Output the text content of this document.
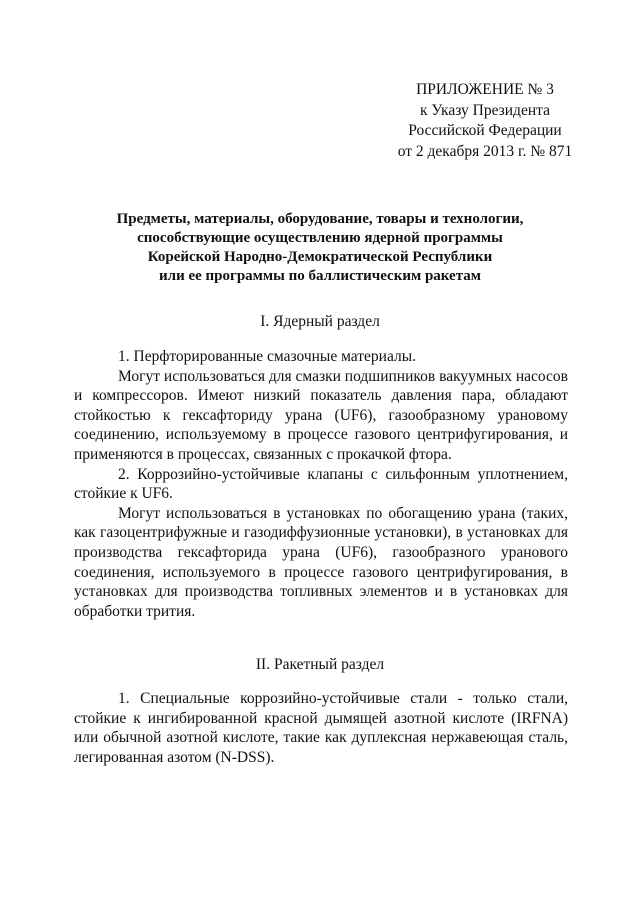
ПРИЛОЖЕНИЕ № 3
к Указу Президента
Российской Федерации
от 2 декабря 2013 г. № 871
Предметы, материалы, оборудование, товары и технологии,
способствующие осуществлению ядерной программы
Корейской Народно-Демократической Республики
или ее программы по баллистическим ракетам
I. Ядерный раздел

1. Перфторированные смазочные материалы.

Могут использоваться для смазки подшипников вакуумных насосов и компрессоров. Имеют низкий показатель давления пара, обладают стойкостью к гексафториду урана (UF6), газообразному урановому соединению, используемому в процессе газового центрифугирования, и применяются в процессах, связанных с прокачкой фтора.

2. Коррозийно-устойчивые клапаны с сильфонным уплотнением, стойкие к UF6.

Могут использоваться в установках по обогащению урана (таких, как газоцентрифужные и газодиффузионные установки), в установках для производства гексафторида урана (UF6), газообразного уранового соединения, используемого в процессе газового центрифугирования, в установках для производства топливных элементов и в установках для обработки трития.

II. Ракетный раздел

1. Специальные коррозийно-устойчивые стали - только стали, стойкие к ингибированной красной дымящей азотной кислоте (IRFNA) или обычной азотной кислоте, такие как дуплексная нержавеющая сталь, легированная азотом (N-DSS).
